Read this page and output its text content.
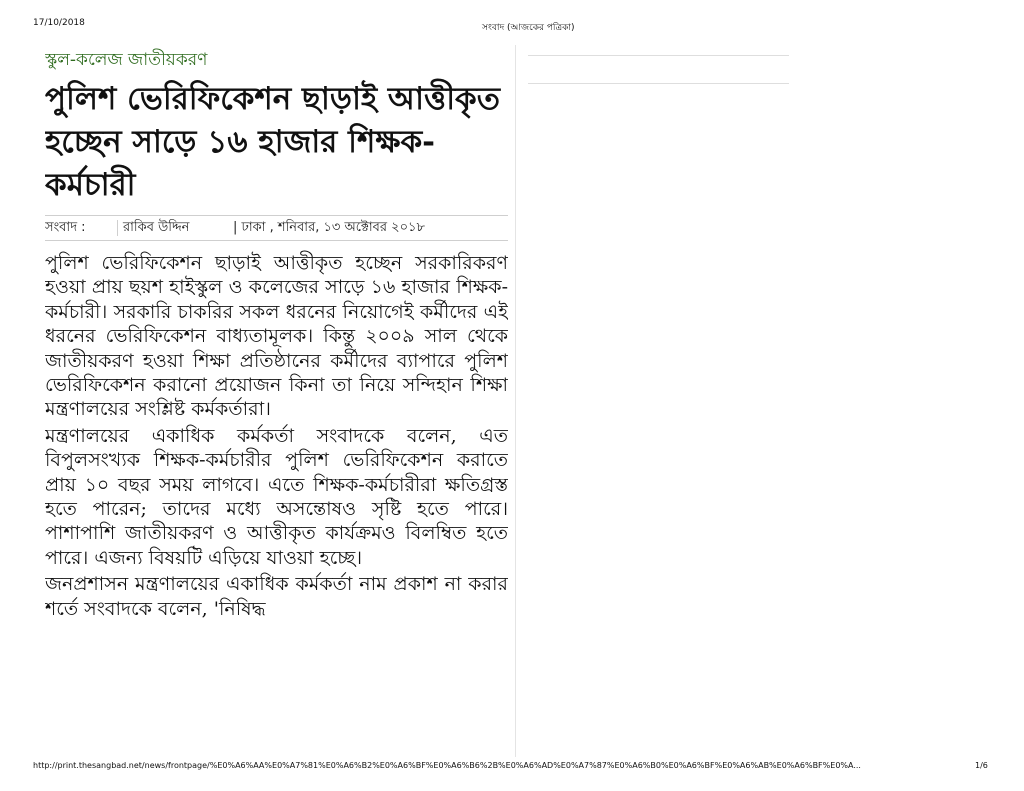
17/10/2018	সংবাদ (আজকের পত্রিকা)
স্কুল-কলেজ জাতীয়করণ
পুলিশ ভেরিফিকেশন ছাড়াই আত্তীকৃত হচ্ছেন সাড়ে ১৬ হাজার শিক্ষক-কর্মচারী
সংবাদ :	রাকিব উদ্দিন	| ঢাকা , শনিবার, ১৩ অক্টোবর ২০১৮

পুলিশ ভেরিফিকেশন ছাড়াই আত্তীকৃত হচ্ছেন সরকারিকরণ হওয়া প্রায় ছয়শ হাইস্কুল ও কলেজের সাড়ে ১৬ হাজার শিক্ষক-কর্মচারী। সরকারি চাকরির সকল ধরনের নিয়োগেই কর্মীদের এই ধরনের ভেরিফিকেশন বাধ্যতামূলক। কিন্তু ২০০৯ সাল থেকে জাতীয়করণ হওয়া শিক্ষা প্রতিষ্ঠানের কর্মীদের ব্যাপারে পুলিশ ভেরিফিকেশন করানো প্রয়োজন কিনা তা নিয়ে সন্দিহান শিক্ষা মন্ত্রণালয়ের সংশ্লিষ্ট কর্মকর্তারা।

মন্ত্রণালয়ের একাধিক কর্মকর্তা সংবাদকে বলেন, এত বিপুলসংখ্যক শিক্ষক-কর্মচারীর পুলিশ ভেরিফিকেশন করাতে প্রায় ১০ বছর সময় লাগবে। এতে শিক্ষক-কর্মচারীরা ক্ষতিগ্রস্ত হতে পারেন; তাদের মধ্যে অসন্তোষও সৃষ্টি হতে পারে। পাশাপাশি জাতীয়করণ ও আত্তীকৃত কার্যক্রমও বিলম্বিত হতে পারে। এজন্য বিষয়টি এড়িয়ে যাওয়া হচ্ছে।

জনপ্রশাসন মন্ত্রণালয়ের একাধিক কর্মকর্তা নাম প্রকাশ না করার শর্তে সংবাদকে বলেন, 'নিষিদ্ধ

http://print.thesangbad.net/news/frontpage/%E0%A6%AA%E0%A7%81%E0%A6%B2%E0%A6%BF%E0%A6%B6%2B%E0%A6%AD%E0%A7%87%E0%A6%B0%E0%A6%BF%E0%A6%AB%E0%A6%BF%E0%A...	1/6
